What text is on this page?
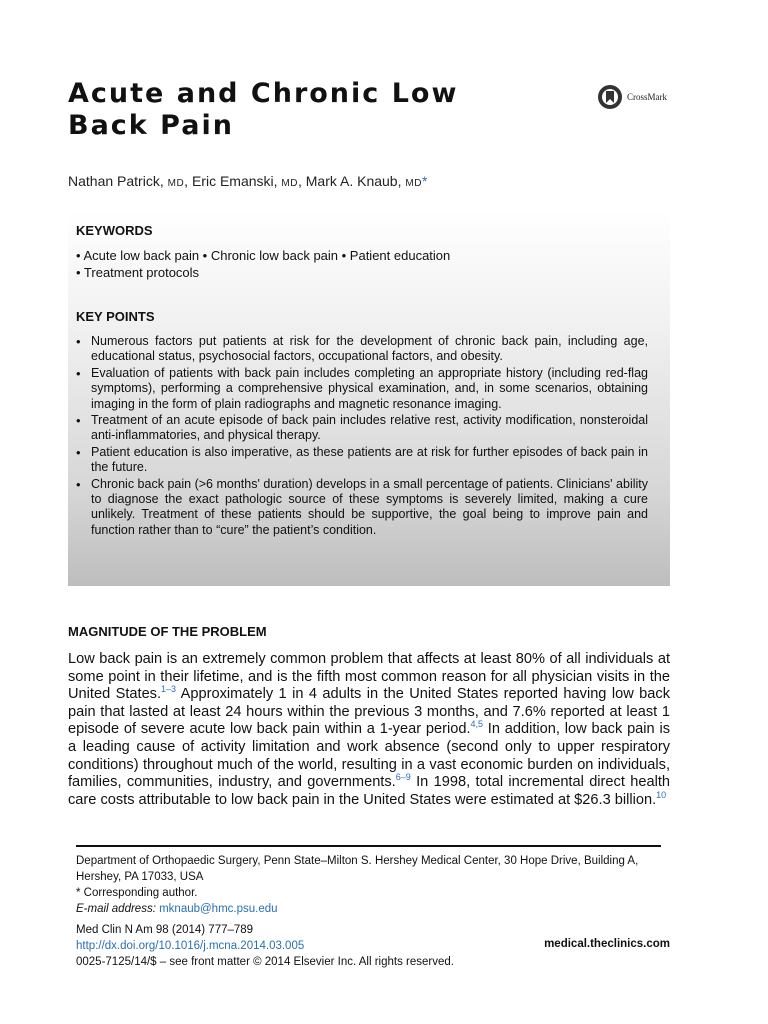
Acute and Chronic Low Back Pain
CrossMark
Nathan Patrick, MD, Eric Emanski, MD, Mark A. Knaub, MD*
KEYWORDS
• Acute low back pain • Chronic low back pain • Patient education
• Treatment protocols
KEY POINTS
• Numerous factors put patients at risk for the development of chronic back pain, including age, educational status, psychosocial factors, occupational factors, and obesity.
• Evaluation of patients with back pain includes completing an appropriate history (including red-flag symptoms), performing a comprehensive physical examination, and, in some scenarios, obtaining imaging in the form of plain radiographs and magnetic resonance imaging.
• Treatment of an acute episode of back pain includes relative rest, activity modification, nonsteroidal anti-inflammatories, and physical therapy.
• Patient education is also imperative, as these patients are at risk for further episodes of back pain in the future.
• Chronic back pain (>6 months' duration) develops in a small percentage of patients. Clinicians' ability to diagnose the exact pathologic source of these symptoms is severely limited, making a cure unlikely. Treatment of these patients should be supportive, the goal being to improve pain and function rather than to “cure” the patient’s condition.
MAGNITUDE OF THE PROBLEM

Low back pain is an extremely common problem that affects at least 80% of all individuals at some point in their lifetime, and is the fifth most common reason for all physician visits in the United States.$^{1-3}$ Approximately 1 in 4 adults in the United States reported having low back pain that lasted at least 24 hours within the previous 3 months, and 7.6% reported at least 1 episode of severe acute low back pain within a 1-year period.$^{4,5}$ In addition, low back pain is a leading cause of activity limitation and work absence (second only to upper respiratory conditions) throughout much of the world, resulting in a vast economic burden on individuals, families, communities, industry, and governments.$^{6-9}$ In 1998, total incremental direct health care costs attributable to low back pain in the United States were estimated at $26.3 billion.$^{10}$

Department of Orthopaedic Surgery, Penn State–Milton S. Hershey Medical Center, 30 Hope Drive, Building A, Hershey, PA 17033, USA
* Corresponding author.
E-mail address: mknaub@hmc.psu.edu
Med Clin N Am 98 (2014) 777–789
http://dx.doi.org/10.1016/j.mcna.2014.03.005
0025-7125/14/$ – see front matter © 2014 Elsevier Inc. All rights reserved.
medical.theclinics.com
